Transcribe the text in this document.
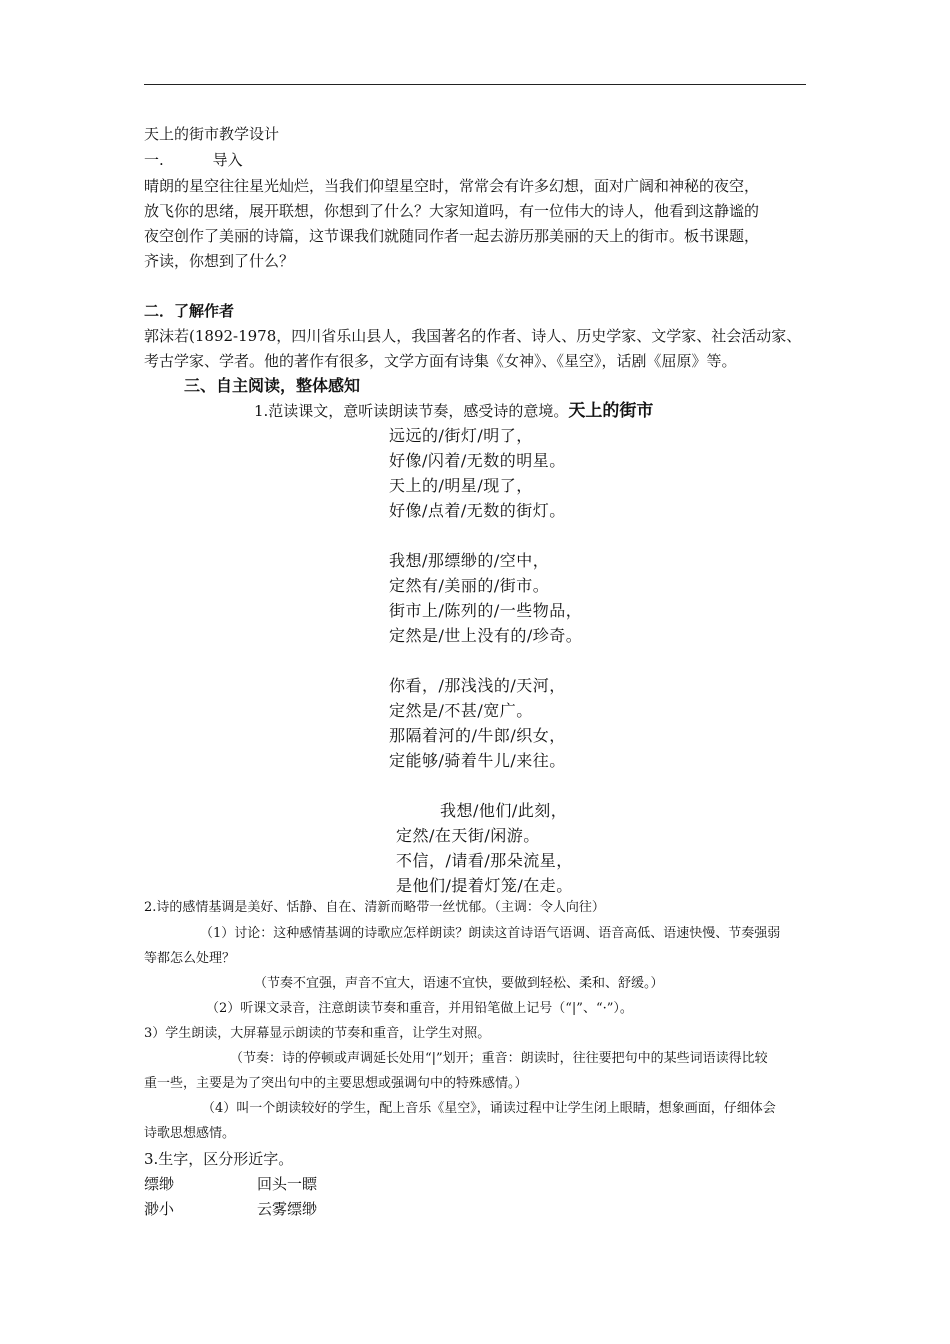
天上的街市教学设计
一.	导入
晴朗的星空往往星光灿烂，当我们仰望星空时，常常会有许多幻想，面对广阔和神秘的夜空，
放飞你的思绪，展开联想，你想到了什么？大家知道吗，有一位伟大的诗人，他看到这静谧的
夜空创作了美丽的诗篇，这节课我们就随同作者一起去游历那美丽的天上的街市。板书课题，
齐读，你想到了什么？
二．了解作者
郭沫若(1892-1978，四川省乐山县人，我国著名的作者、诗人、历史学家、文学家、社会活动家、
考古学家、学者。他的著作有很多，文学方面有诗集《女神》、《星空》，话剧《屈原》等。
三、自主阅读，整体感知
1.范读课文，意听读朗读节奏，感受诗的意境。天上的街市
远远的/街灯/明了，
好像/闪着/无数的明星。
天上的/明星/现了，
好像/点着/无数的街灯。
我想/那缥缈的/空中，
定然有/美丽的/街市。
街市上/陈列的/一些物品，
定然是/世上没有的/珍奇。
你看，/那浅浅的/天河，
定然是/不甚/宽广。
那隔着河的/牛郎/织女，
定能够/骑着牛儿/来往。
我想/他们/此刻，
定然/在天街/闲游。
不信，/请看/那朵流星，
是他们/提着灯笼/在走。
2.诗的感情基调是美好、恬静、自在、清新而略带一丝忧郁。（主调：令人向往）
（1）讨论：这种感情基调的诗歌应怎样朗读？朗读这首诗语气语调、语音高低、语速快慢、节奏强弱
等都怎么处理？
（节奏不宜强，声音不宜大，语速不宜快，要做到轻松、柔和、舒缓。）
（2）听课文录音，注意朗读节奏和重音，并用铅笔做上记号（“|”、“·”）。
3）学生朗读，大屏幕显示朗读的节奏和重音，让学生对照。
（节奏：诗的停顿或声调延长处用“|”划开；重音：朗读时，往往要把句中的某些词语读得比较
重一些，主要是为了突出句中的主要思想或强调句中的特殊感情。）
（4）叫一个朗读较好的学生，配上音乐《星空》，诵读过程中让学生闭上眼睛，想象画面，仔细体会
诗歌思想感情。
3.生字，区分形近字。
缥缈	回头一瞟
渺小	云雾缥缈
